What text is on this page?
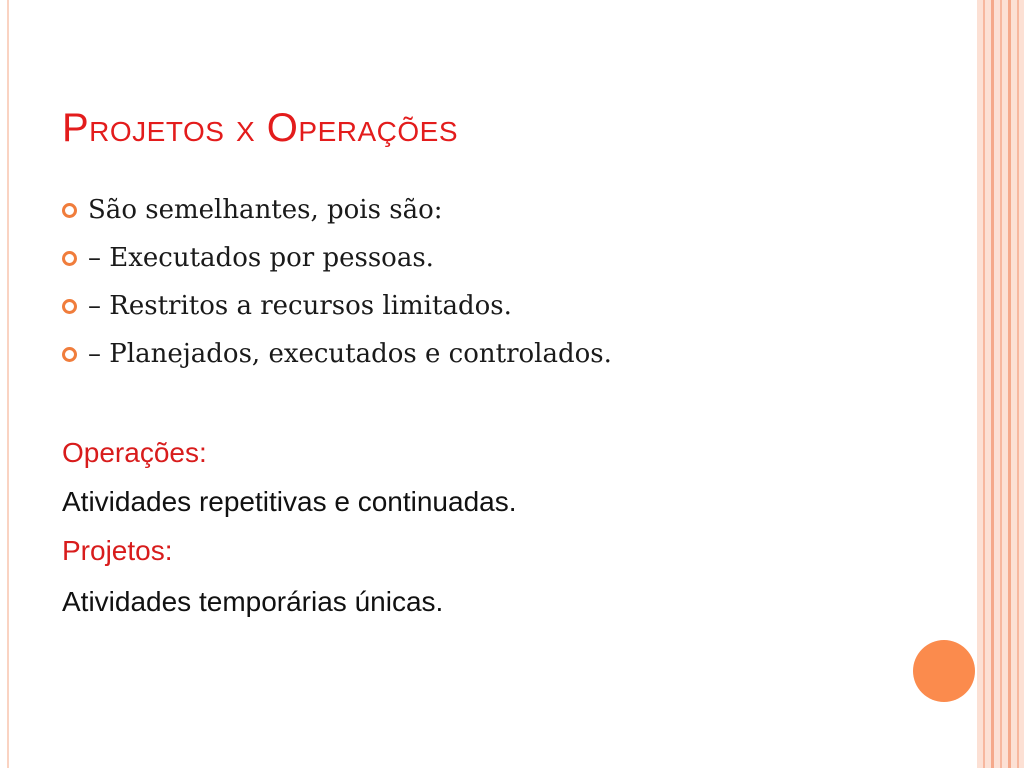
Projetos x Operações
São semelhantes, pois são:
– Executados por pessoas.
– Restritos a recursos limitados.
– Planejados, executados e controlados.

Operações:

Atividades repetitivas e continuadas.

Projetos:

Atividades temporárias únicas.
